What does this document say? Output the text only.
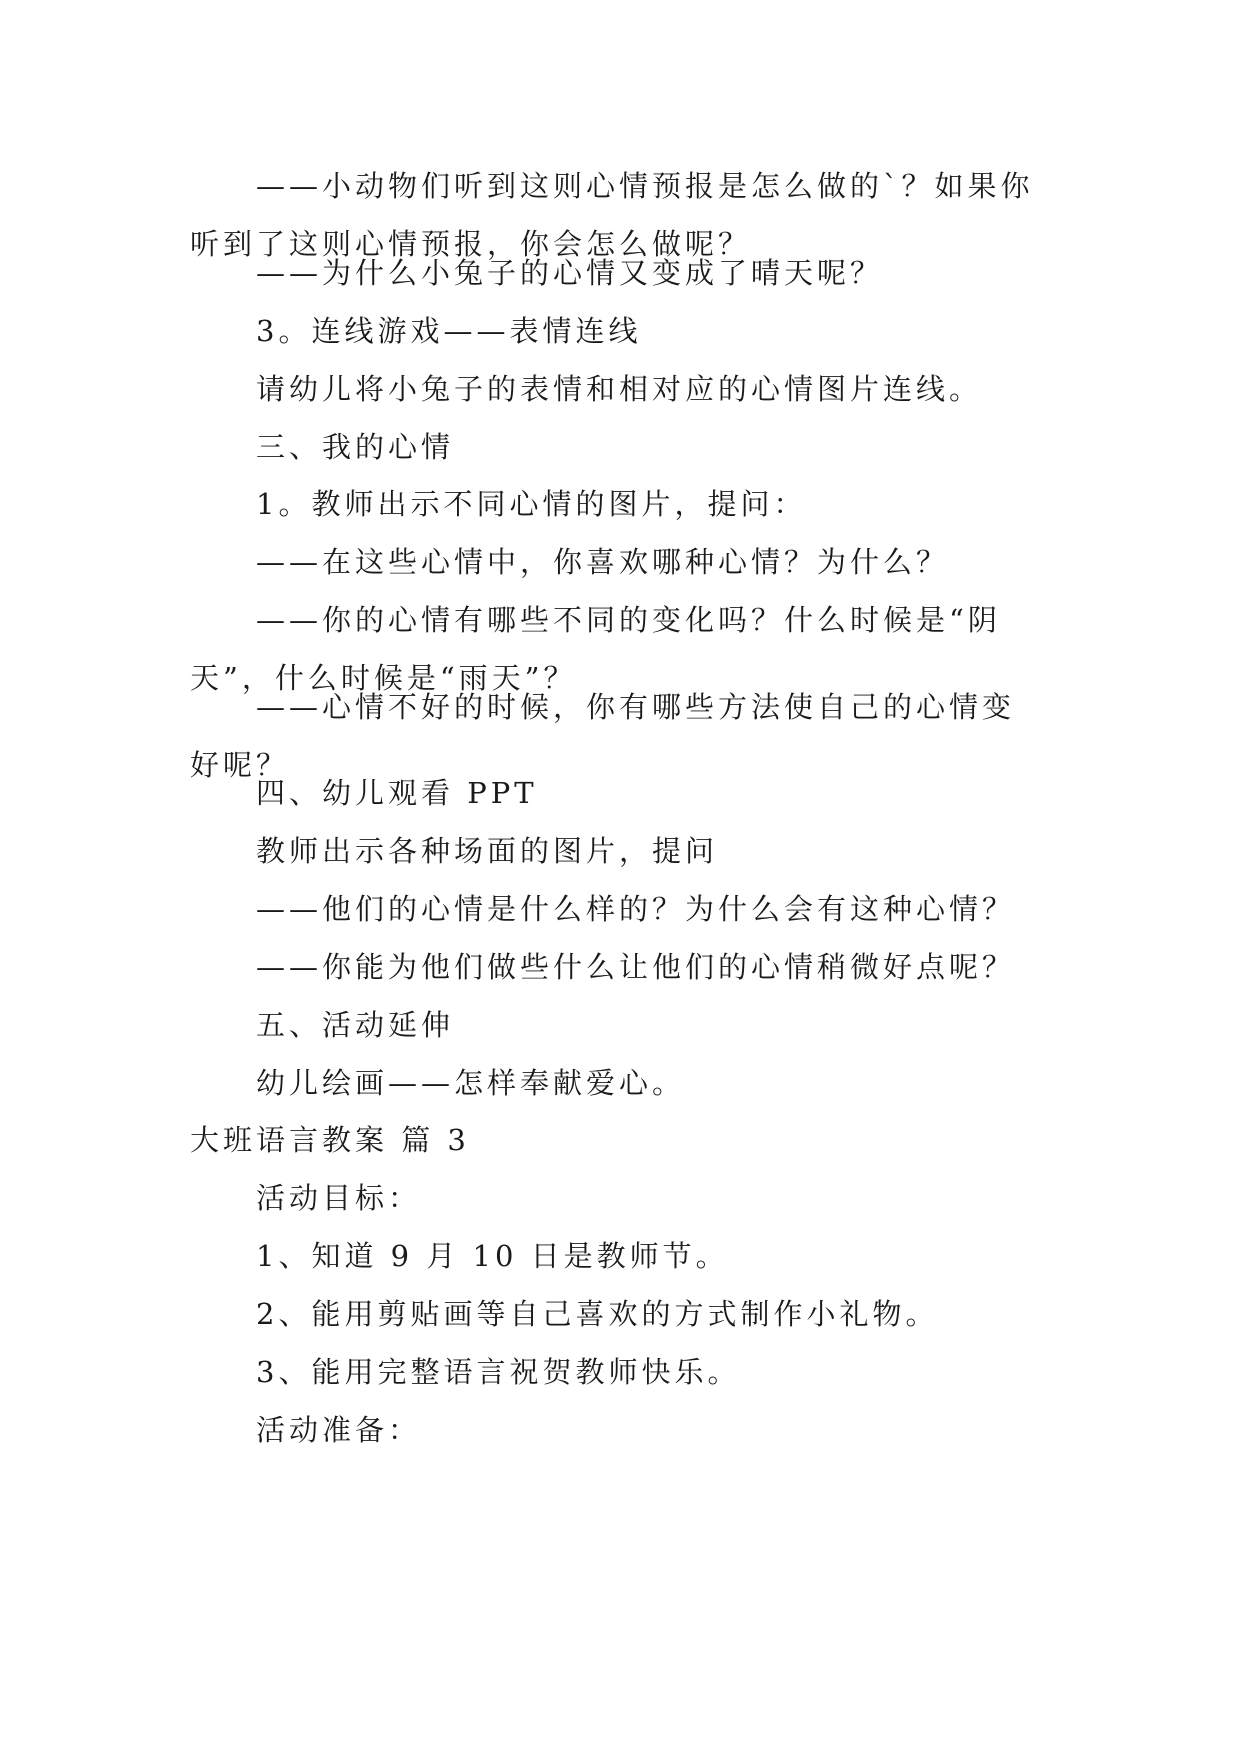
——小动物们听到这则心情预报是怎么做的`？如果你听到了这则心情预报，你会怎么做呢？

——为什么小兔子的心情又变成了晴天呢？

3。连线游戏——表情连线

请幼儿将小兔子的表情和相对应的心情图片连线。

三、我的心情

1。教师出示不同心情的图片，提问：

——在这些心情中，你喜欢哪种心情？为什么？

——你的心情有哪些不同的变化吗？什么时候是“阴天”，什么时候是“雨天”？

——心情不好的时候，你有哪些方法使自己的心情变好呢？

四、幼儿观看 PPT

教师出示各种场面的图片，提问

——他们的心情是什么样的？为什么会有这种心情？

——你能为他们做些什么让他们的心情稍微好点呢？

五、活动延伸

幼儿绘画——怎样奉献爱心。

大班语言教案 篇 3

活动目标：

1、知道 9 月 10 日是教师节。

2、能用剪贴画等自己喜欢的方式制作小礼物。

3、能用完整语言祝贺教师快乐。

活动准备：
